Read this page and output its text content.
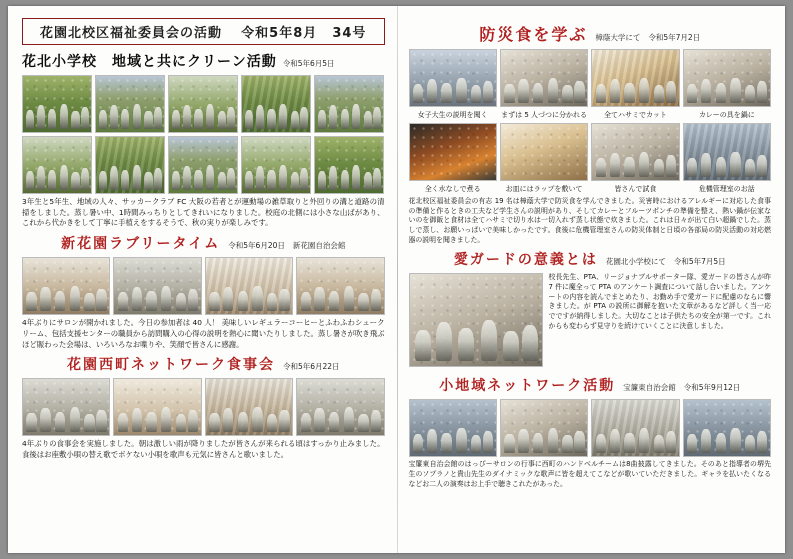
花園北校区福祉委員会の活動 令和5年8月 34号
花北小学校　地域と共にクリーン活動 令和5年6月5日
3年生と5年生、地域の人々、サッカークラブ FC 大阪の若者とが運動場の雑草取りと外回りの溝と道路の清掃をしました。蒸し暑い中、1時間みっちりとしてきれいになりました。校庭の北側には小さな山ばがあり、これから代かきをして丁寧に手植えをするそうで、秋の実りが楽しみです。
新花園ラブリータイム 令和5年6月20日 新花園自治会館
4年ぶりにサロンが開かれました。今日の参加者は 40 人！ 美味しいレギュラーコーヒーとふわふわシュークリーム、包括支援センターの職員から訪問購入の心得の説明を熱心に聞いたりしました。蒸し暑さが吹き飛ぶほど賑わった会場は、いろいろなお喋りや、笑顔で皆さんに感謝。
花園西町ネットワーク食事会 令和5年6月22日
4年ぶりの食事会を実施しました。朝は激しい雨が降りましたが皆さんが来られる頃はすっかり止みました。食後はお座敷小唄の替え歌でボケない小唄を歌声も元気に皆さんと歌いました。
防災食を学ぶ 樟蔭大学にて 令和5年7月2日
女子大生の説明を聞く	まずは 5 人づつに分かれる	全てハサミでカット	カレーの具を鍋に
全く水なしで煮る	お皿にはラップを敷いて	皆さんで試食	危機管理室のお話
花北校区福祉委員会の有志 19 名は樟蔭大学で防災食を学んできました。災害時におけるアレルギーに対応した食事の準備と作るときの工夫など学生さんの説明があり、そしてカレーとフルーツポンチの準備を整え、熱い鍋が伝家ないのを御飯と食材は全てハサミで切り水は一切入れず蒸し状態で炊きました。これは日々が出て白い超鍋でした。蒸しで蒸し、お願いっぱいで美味しかったです。食後に危機管理室さんの防災体制と日頃の各部局の防災活動の対応燃器の説明を聞きました。
愛ガードの意義とは 花園北小学校にて 令和5年7月5日
校長先生、PTA、リージョナブルサポーター隊、愛ガードの皆さんが昨 7 件に魔全って PTA のアンケート調査について話し合いました。アンケートの内容を読んでまとめたり、お勤め手で愛ガードに配慮のならに響きました。が PTA の説所に御解を抱いた文章があるなど評しく当一応でですが納得しました。大切なことは子供たちの安全が第一です。これからも変わらず見守りを続けていくことに決意しました。
小地域ネットワーク活動 宝簾東自治会館 令和5年9月12日
宝簾東自治会館のはっぴーサロンの行事に西町のハンドベルチームは8曲披露してきました。そのあと指導者の堺先生のソプラノと貴山先生のダイナミックな歌声に皆を超えてこなどが歌いていただきました。ギャラを払いたくなるなどお二人の演奏はお上手で聴きこれたがあった。
